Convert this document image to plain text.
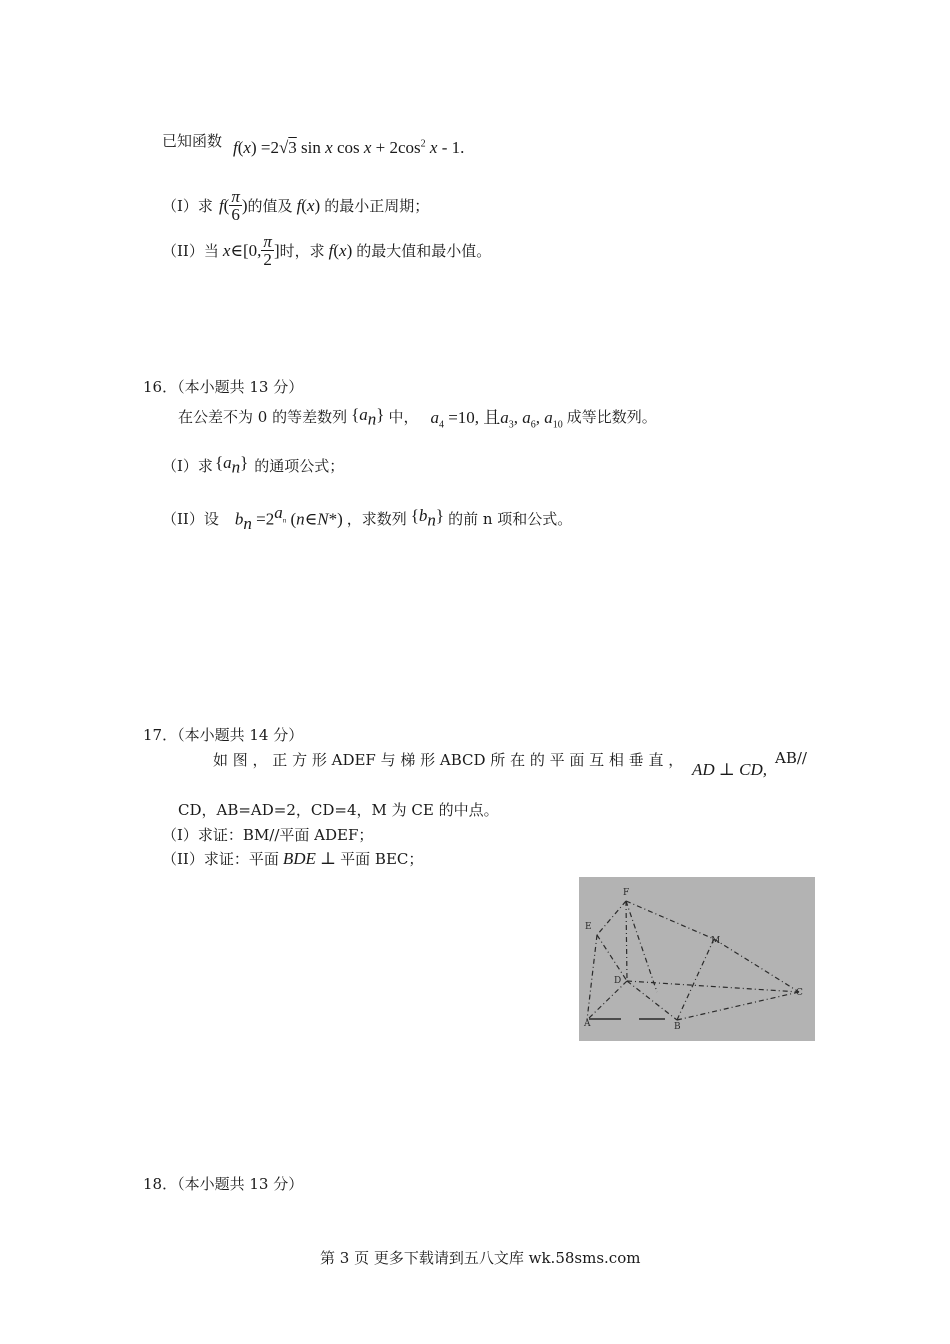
已知函数 f(x) =2√3 sin x $\cos x + 2\cos^2$ x - 1.
（I）求 $f( \frac{\pi}{6}$ ) 的值及 f(x) 的最小正周期；
（II）当 x∈[0, $\frac{\pi}{2}$ ] 时，求 f(x) 的最大值和最小值。
16．（本小题共 13 分）
在公差不为 0 的等差数列 $\{a_n\}$ 中， $a_4 =10$, 且$a_3$, $a_6$, $a_{10}$ 成等比数列。
（I）求 $\{a_n\}$ 的通项公式；
（II）设 $b_n =2^{a_n}$ (n∈N*) ，求数列 $\{b_n\}$ 的前 n 项和公式。
17．（本小题共 14 分）
如 图 ， 正 方 形 ADEF 与 梯 形 ABCD 所 在 的 平 面 互 相 垂 直 ， AD ⊥ CD,
AB//
CD，AB=AD=2，CD=4，M 为 CE 的中点。
（I）求证：BM//平面 ADEF；
（II）求证：平面 BDE ⊥ 平面 BEC；
F
E
M
D
C
A	B
18．（本小题共 13 分）
第 3 页 更多下载请到五八文库 wk.58sms.com
